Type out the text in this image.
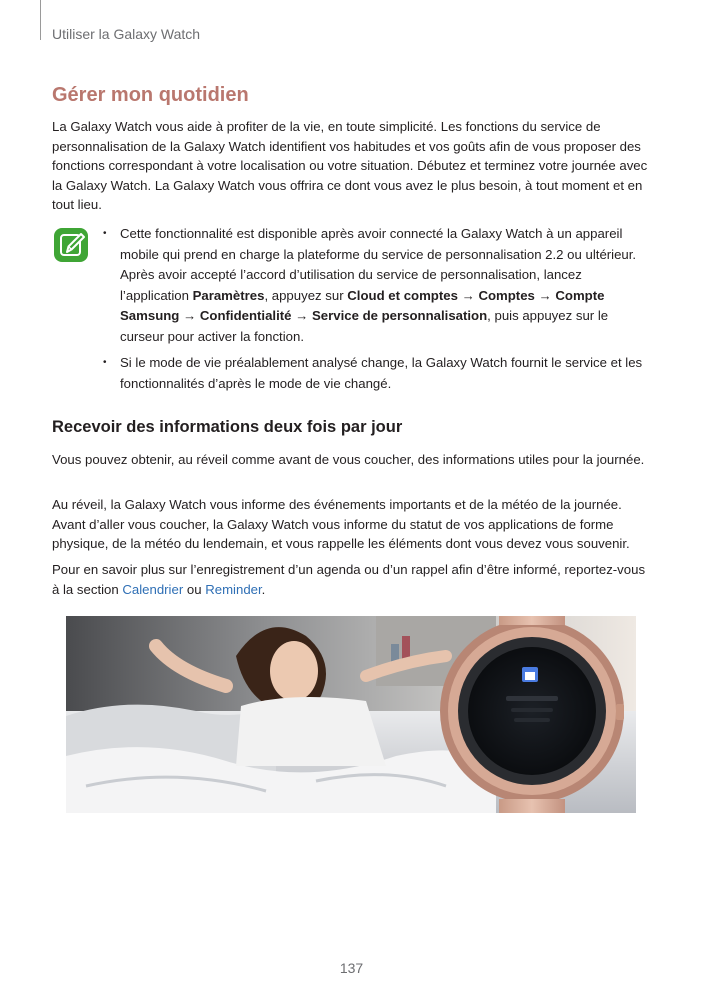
Utiliser la Galaxy Watch
Gérer mon quotidien

La Galaxy Watch vous aide à profiter de la vie, en toute simplicité. Les fonctions du service de personnalisation de la Galaxy Watch identifient vos habitudes et vos goûts afin de vous proposer des fonctions correspondant à votre localisation ou votre situation. Débutez et terminez votre journée avec la Galaxy Watch. La Galaxy Watch vous offrira ce dont vous avez le plus besoin, à tout moment et en tout lieu.

• Cette fonctionnalité est disponible après avoir connecté la Galaxy Watch à un appareil mobile qui prend en charge la plateforme du service de personnalisation 2.2 ou ultérieur. Après avoir accepté l’accord d’utilisation du service de personnalisation, lancez l’application Paramètres, appuyez sur Cloud et comptes → Comptes → Compte Samsung → Confidentialité → Service de personnalisation, puis appuyez sur le curseur pour activer la fonction.
• Si le mode de vie préalablement analysé change, la Galaxy Watch fournit le service et les fonctionnalités d’après le mode de vie changé.
Recevoir des informations deux fois par jour

Vous pouvez obtenir, au réveil comme avant de vous coucher, des informations utiles pour la journée.

Au réveil, la Galaxy Watch vous informe des événements importants et de la météo de la journée. Avant d’aller vous coucher, la Galaxy Watch vous informe du statut de vos applications de forme physique, de la météo du lendemain, et vous rappelle les éléments dont vous devez vous souvenir.

Pour en savoir plus sur l’enregistrement d’un agenda ou d’un rappel afin d’être informé, reportez-vous à la section Calendrier ou Reminder.

137
